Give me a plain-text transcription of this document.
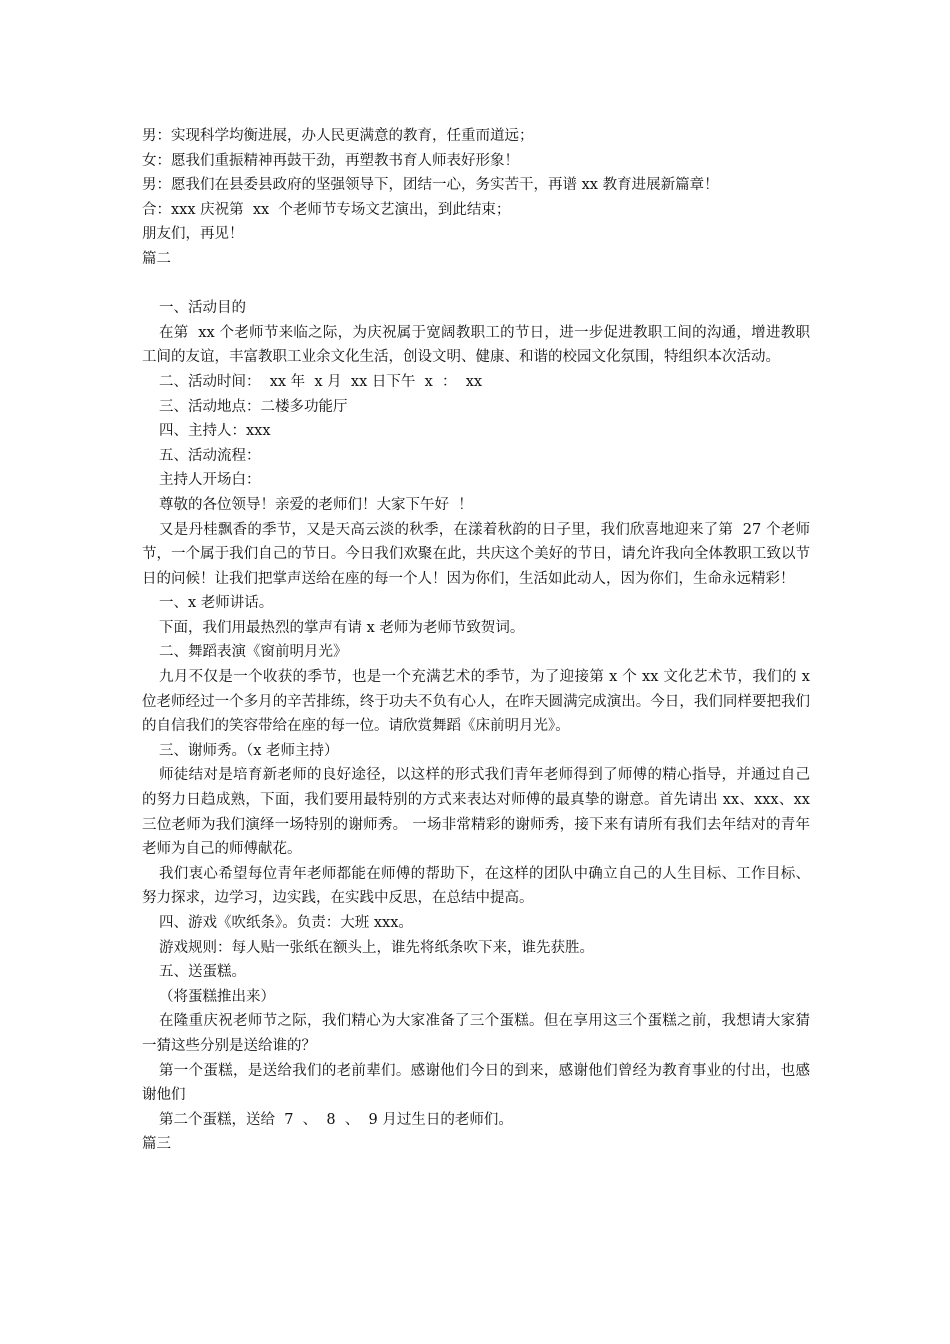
男：实现科学均衡进展，办人民更满意的教育，任重而道远；

女：愿我们重振精神再鼓干劲，再塑教书育人师表好形象！

男：愿我们在县委县政府的坚强领导下，团结一心，务实苦干，再谱 xx 教育进展新篇章！

合：xxx 庆祝第  xx  个老师节专场文艺演出，到此结束；

朋友们，再见！

篇二

一、活动目的

在第  xx 个老师节来临之际，为庆祝属于宽阔教职工的节日，进一步促进教职工间的沟通，增进教职工间的友谊，丰富教职工业余文化生活，创设文明、健康、和谐的校园文化氛围，特组织本次活动。

二、活动时间：  xx 年  x 月  xx 日下午  x  ：  xx

三、活动地点：二楼多功能厅

四、主持人：xxx

五、活动流程：

主持人开场白：

尊敬的各位领导！亲爱的老师们！大家下午好  ！

又是丹桂飘香的季节，又是天高云淡的秋季，在漾着秋韵的日子里，我们欣喜地迎来了第  27 个老师节，一个属于我们自己的节日。今日我们欢聚在此，共庆这个美好的节日，请允许我向全体教职工致以节日的问候！让我们把掌声送给在座的每一个人！因为你们，生活如此动人，因为你们，生命永远精彩！

一、x 老师讲话。

下面，我们用最热烈的掌声有请 x 老师为老师节致贺词。

二、舞蹈表演《窗前明月光》

九月不仅是一个收获的季节，也是一个充满艺术的季节，为了迎接第 x 个 xx 文化艺术节，我们的 x 位老师经过一个多月的辛苦排练，终于功夫不负有心人，在昨天圆满完成演出。今日，我们同样要把我们的自信我们的笑容带给在座的每一位。请欣赏舞蹈《床前明月光》。

三、谢师秀。（x 老师主持）

师徒结对是培育新老师的良好途径，以这样的形式我们青年老师得到了师傅的精心指导，并通过自己的努力日趋成熟，下面，我们要用最特别的方式来表达对师傅的最真挚的谢意。首先请出 xx、xxx、xx 三位老师为我们演绎一场特别的谢师秀。 一场非常精彩的谢师秀，接下来有请所有我们去年结对的青年老师为自己的师傅献花。

我们衷心希望每位青年老师都能在师傅的帮助下，在这样的团队中确立自己的人生目标、工作目标、努力探求，边学习，边实践，在实践中反思，在总结中提高。

四、游戏《吹纸条》。负责：大班 xxx。

游戏规则：每人贴一张纸在额头上，谁先将纸条吹下来，谁先获胜。

五、送蛋糕。

（将蛋糕推出来）

在隆重庆祝老师节之际，我们精心为大家准备了三个蛋糕。但在享用这三个蛋糕之前，我想请大家猜一猜这些分别是送给谁的？

第一个蛋糕，是送给我们的老前辈们。感谢他们今日的到来，感谢他们曾经为教育事业的付出，也感谢他们

第二个蛋糕，送给  7  、  8  、  9 月过生日的老师们。

篇三
